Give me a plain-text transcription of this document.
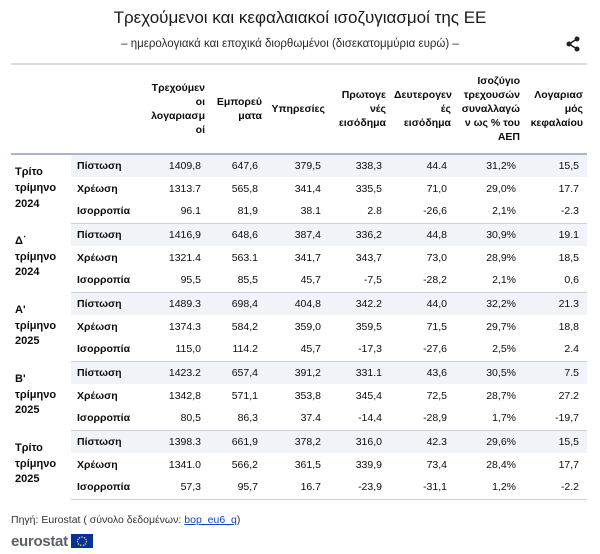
Τρεχούμενοι και κεφαλαιακοί ισοζυγιασμοί της ΕΕ
– ημερολογιακά και εποχικά διορθωμένοι (δισεκατομμύρια ευρώ) –
		Τρεχούμεν οι λογαριασμ οί	Εμπορεύ ματα	Υπηρεσίες	Πρωτογε νές εισόδημα	Δευτερογεν ές εισόδημα	Ισοζύγιο τρεχουσών συναλλαγώ ν ως % του ΑΕΠ	Λογαριασ μός κεφαλαίου
Τρίτο τρίμηνο 2024	Πίστωση	1409,8	647,6	379,5	338,3	44.4	31,2%	15,5
	Χρέωση	1313.7	565,8	341,4	335,5	71,0	29,0%	17.7
	Ισορροπία	96.1	81,9	38.1	2.8	-26,6	2,1%	-2.3
Δ΄ τρίμηνο 2024	Πίστωση	1416,9	648,6	387,4	336,2	44,8	30,9%	19.1
	Χρέωση	1321.4	563.1	341,7	343,7	73,0	28,9%	18,5
	Ισορροπία	95,5	85,5	45,7	-7,5	-28,2	2,1%	0,6
Α' τρίμηνο 2025	Πίστωση	1489.3	698,4	404,8	342.2	44,0	32,2%	21.3
	Χρέωση	1374.3	584,2	359,0	359,5	71,5	29,7%	18,8
	Ισορροπία	115,0	114.2	45,7	-17,3	-27,6	2,5%	2.4
Β' τρίμηνο 2025	Πίστωση	1423.2	657,4	391,2	331.1	43,6	30,5%	7.5
	Χρέωση	1342,8	571,1	353,8	345,4	72,5	28,7%	27.2
	Ισορροπία	80,5	86,3	37.4	-14,4	-28,9	1,7%	-19,7
Τρίτο τρίμηνο 2025	Πίστωση	1398.3	661,9	378,2	316,0	42.3	29,6%	15,5
	Χρέωση	1341.0	566,2	361,5	339,9	73,4	28,4%	17,7
	Ισορροπία	57,3	95,7	16.7	-23,9	-31,1	1,2%	-2.2
Πηγή: Eurostat ( σύνολο δεδομένων: bop_eu6_q)
eurostat
